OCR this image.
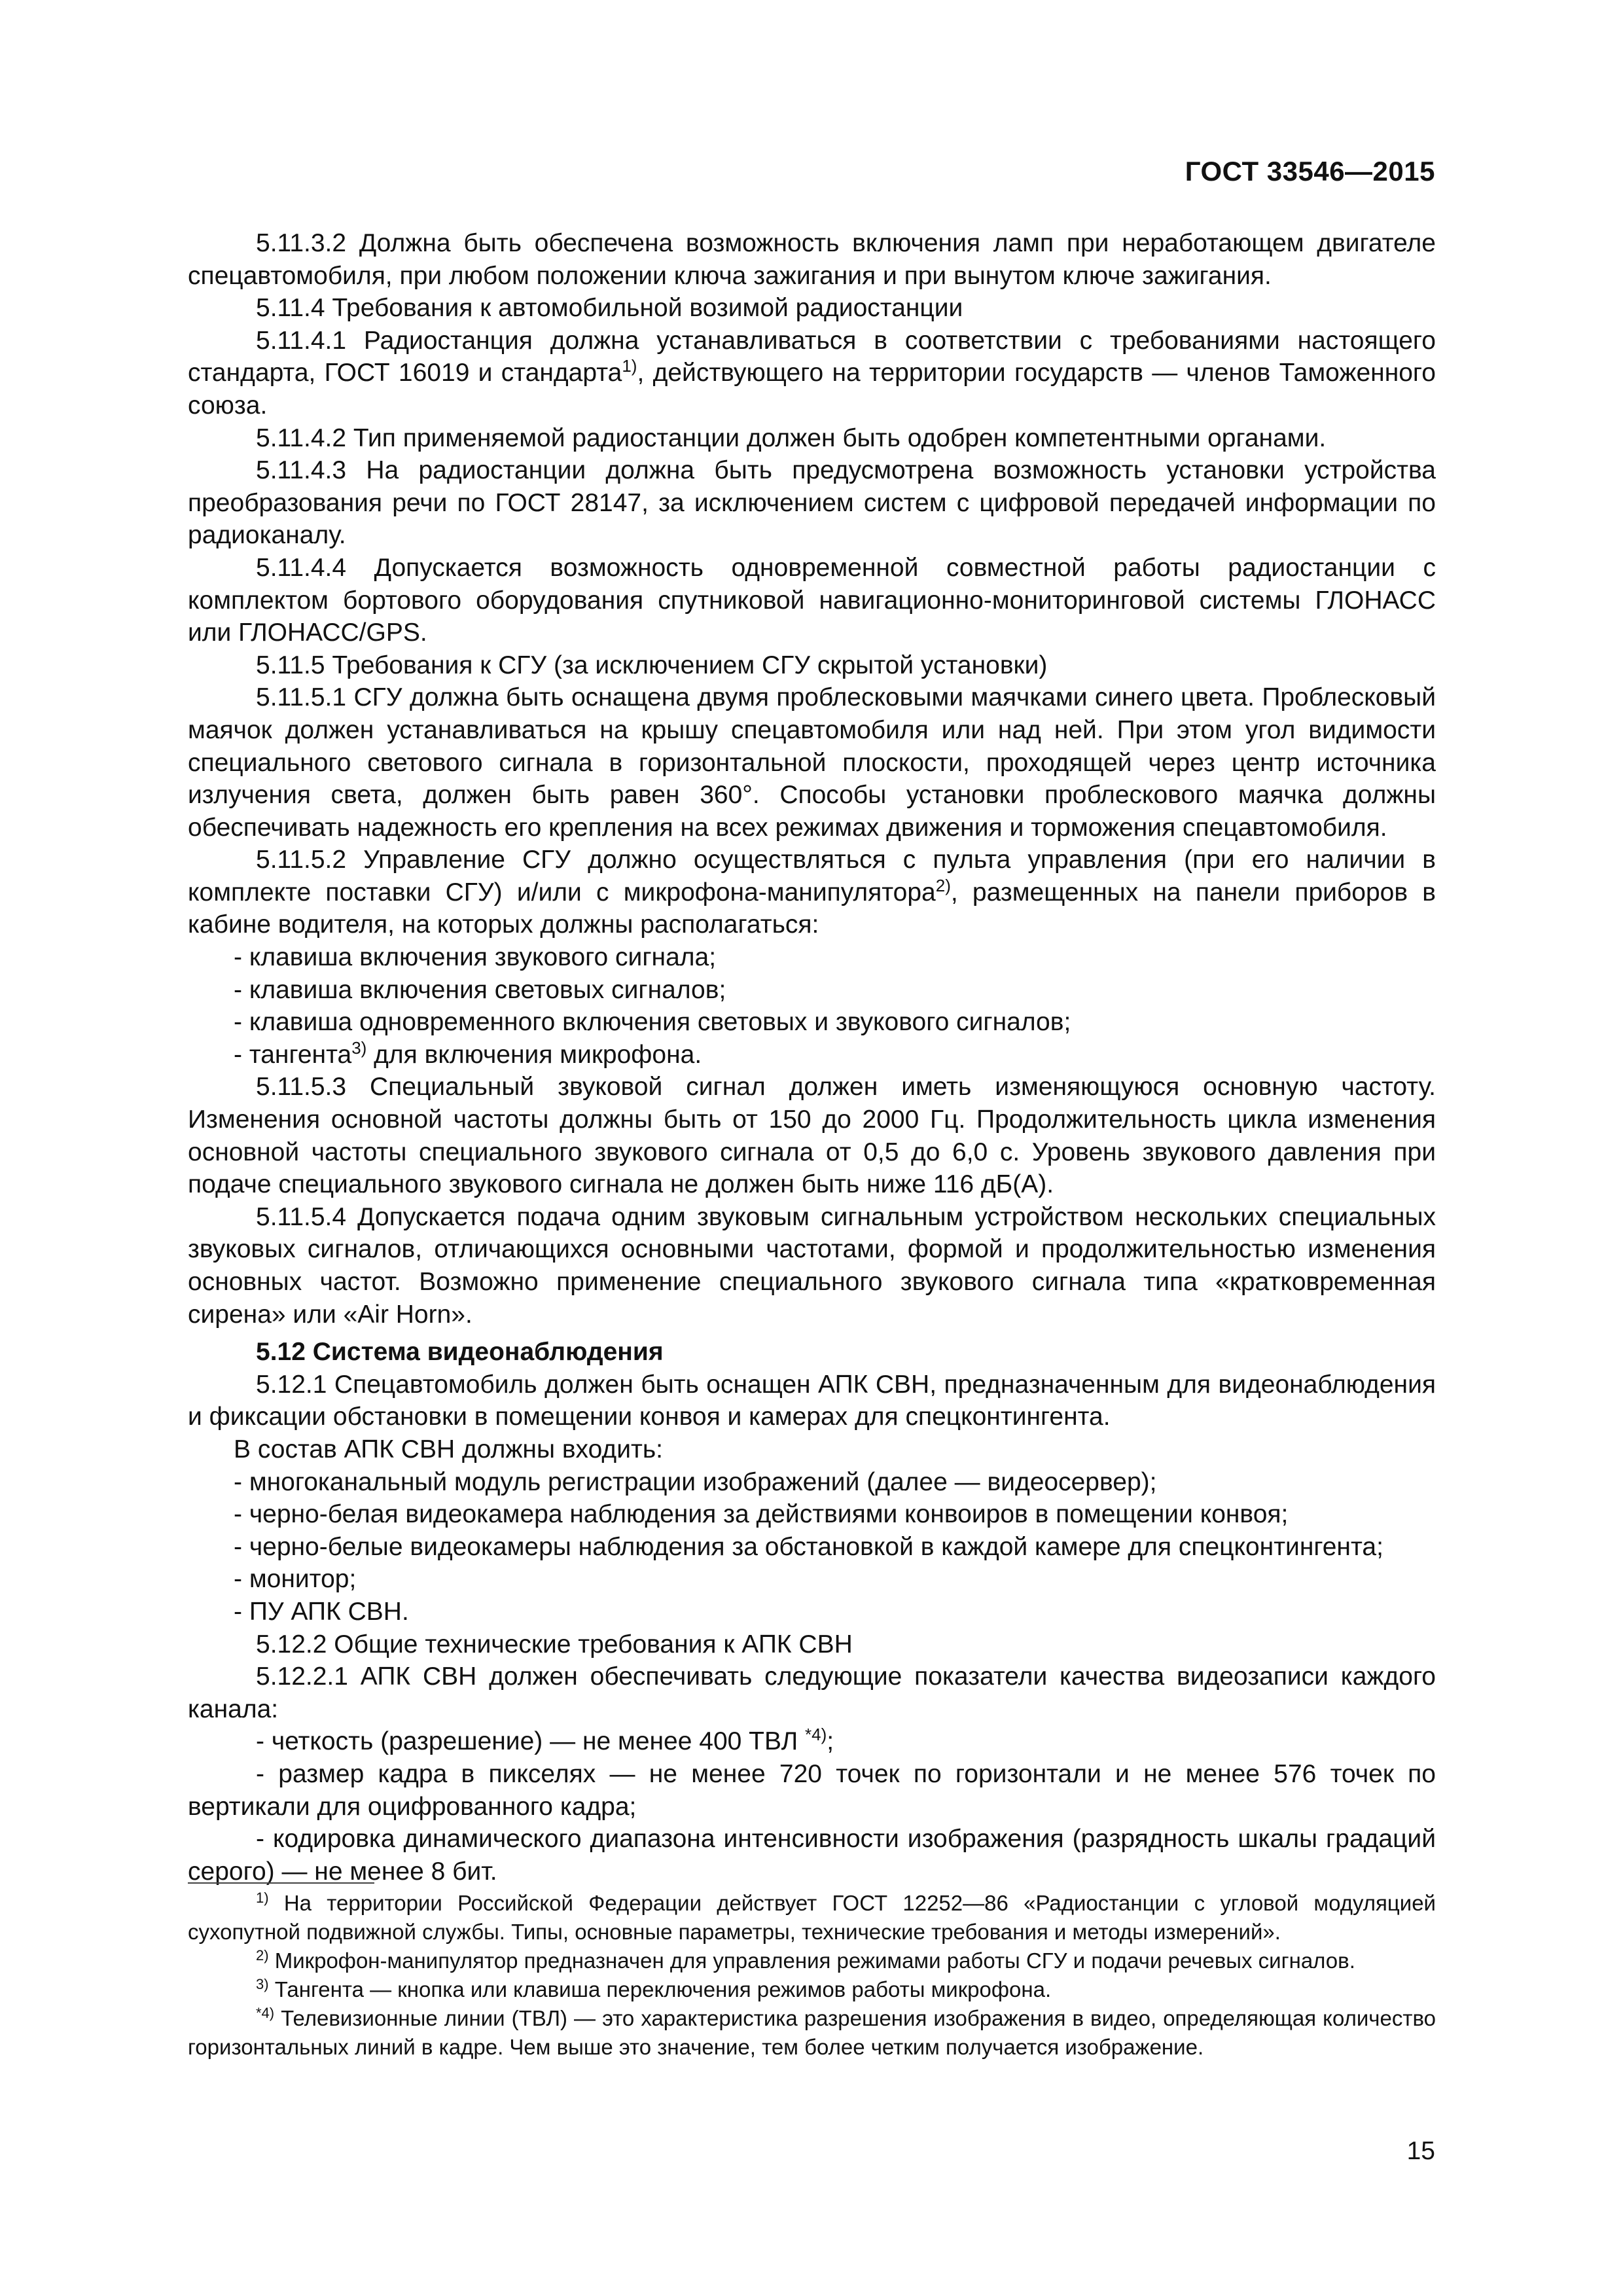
ГОСТ 33546—2015

5.11.3.2 Должна быть обеспечена возможность включения ламп при неработающем двигателе спецавтомобиля, при любом положении ключа зажигания и при вынутом ключе зажигания.

5.11.4 Требования к автомобильной возимой радиостанции

5.11.4.1 Радиостанция должна устанавливаться в соответствии с требованиями настоящего стандарта, ГОСТ 16019 и стандарта$^{1)}$, действующего на территории государств — членов Таможенного союза.

5.11.4.2 Тип применяемой радиостанции должен быть одобрен компетентными органами.

5.11.4.3 На радиостанции должна быть предусмотрена возможность установки устройства преобразования речи по ГОСТ 28147, за исключением систем с цифровой передачей информации по радиоканалу.

5.11.4.4 Допускается возможность одновременной совместной работы радиостанции с комплектом бортового оборудования спутниковой навигационно-мониторинговой системы ГЛОНАСС или ГЛОНАСС/GPS.

5.11.5 Требования к СГУ (за исключением СГУ скрытой установки)

5.11.5.1 СГУ должна быть оснащена двумя проблесковыми маячками синего цвета. Проблесковый маячок должен устанавливаться на крышу спецавтомобиля или над ней. При этом угол видимости специального светового сигнала в горизонтальной плоскости, проходящей через центр источника излучения света, должен быть равен 360°. Способы установки проблескового маячка должны обеспечивать надежность его крепления на всех режимах движения и торможения спецавтомобиля.

5.11.5.2 Управление СГУ должно осуществляться с пульта управления (при его наличии в комплекте поставки СГУ) и/или с микрофона-манипулятора$^{2)}$, размещенных на панели приборов в кабине водителя, на которых должны располагаться:

- клавиша включения звукового сигнала;

- клавиша включения световых сигналов;

- клавиша одновременного включения световых и звукового сигналов;

- тангента$^{3)}$ для включения микрофона.

5.11.5.3 Специальный звуковой сигнал должен иметь изменяющуюся основную частоту. Изменения основной частоты должны быть от 150 до 2000 Гц. Продолжительность цикла изменения основной частоты специального звукового сигнала от 0,5 до 6,0 с. Уровень звукового давления при подаче специального звукового сигнала не должен быть ниже 116 дБ(А).

5.11.5.4 Допускается подача одним звуковым сигнальным устройством нескольких специальных звуковых сигналов, отличающихся основными частотами, формой и продолжительностью изменения основных частот. Возможно применение специального звукового сигнала типа «кратковременная сирена» или «Air Horn».

5.12 Система видеонаблюдения

5.12.1 Спецавтомобиль должен быть оснащен АПК СВН, предназначенным для видеонаблюдения и фиксации обстановки в помещении конвоя и камерах для спецконтингента.

В состав АПК СВН должны входить:

- многоканальный модуль регистрации изображений (далее — видеосервер);

- черно-белая видеокамера наблюдения за действиями конвоиров в помещении конвоя;

- черно-белые видеокамеры наблюдения за обстановкой в каждой камере для спецконтингента;

- монитор;

- ПУ АПК СВН.

5.12.2 Общие технические требования к АПК СВН

5.12.2.1 АПК СВН должен обеспечивать следующие показатели качества видеозаписи каждого канала:

- четкость (разрешение) — не менее 400 ТВЛ $^{*4)}$;

- размер кадра в пикселях — не менее 720 точек по горизонтали и не менее 576 точек по вертикали для оцифрованного кадра;

- кодировка динамического диапазона интенсивности изображения (разрядность шкалы градаций серого) — не менее 8 бит.

$^{1)}$ На территории Российской Федерации действует ГОСТ 12252—86 «Радиостанции с угловой модуляцией сухопутной подвижной службы. Типы, основные параметры, технические требования и методы измерений».

$^{2)}$ Микрофон-манипулятор предназначен для управления режимами работы СГУ и подачи речевых сигналов.

$^{3)}$ Тангента — кнопка или клавиша переключения режимов работы микрофона.

$^{*4)}$ Телевизионные линии (ТВЛ) — это характеристика разрешения изображения в видео, определяющая количество горизонтальных линий в кадре. Чем выше это значение, тем более четким получается изображение.

15
